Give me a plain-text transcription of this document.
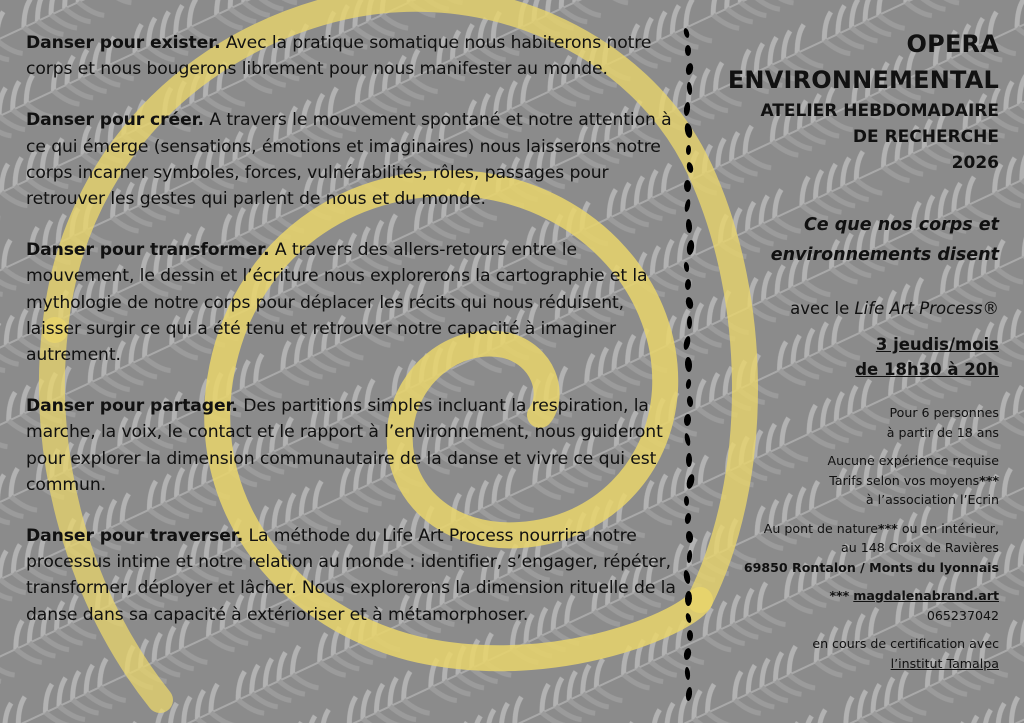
Danser pour exister. Avec la pratique somatique nous habiterons notre corps et nous bougerons librement pour nous manifester au monde.

Danser pour créer. A travers le mouvement spontané et notre attention à ce qui émerge (sensations, émotions et imaginaires) nous laisserons notre corps incarner symboles, forces, vulnérabilités, rôles, passages pour retrouver les gestes qui parlent de nous et du monde.

Danser pour transformer. A travers des allers-retours entre le mouvement, le dessin et l’écriture nous explorerons la cartographie et la mythologie de notre corps pour déplacer les récits qui nous réduisent, laisser surgir ce qui a été tenu et retrouver notre capacité à imaginer autrement.

Danser pour partager. Des partitions simples incluant la respiration, la marche, la voix, le contact et le rapport à l’environnement, nous guideront pour explorer la dimension communautaire de la danse et vivre ce qui est commun.

Danser pour traverser. La méthode du Life Art Process nourrira notre processus intime et notre relation au monde : identifier, s’engager, répéter, transformer, déployer et lâcher. Nous explorerons la dimension rituelle de la danse dans sa capacité à extérioriser et à métamorphoser.

OPERA
ENVIRONNEMENTAL
ATELIER HEBDOMADAIRE
DE RECHERCHE
2026
Ce que nos corps et
environnements disent
avec le Life Art Process®
3 jeudis/mois
de 18h30 à 20h
Pour 6 personnes
à partir de 18 ans
Aucune expérience requise
Tarifs selon vos moyens***
à l’association l’Ecrin
Au pont de nature*** ou en intérieur,
au 148 Croix de Ravières
69850 Rontalon / Monts du lyonnais
*** magdalenabrand.art
065237042
en cours de certification avec
l’institut Tamalpa
